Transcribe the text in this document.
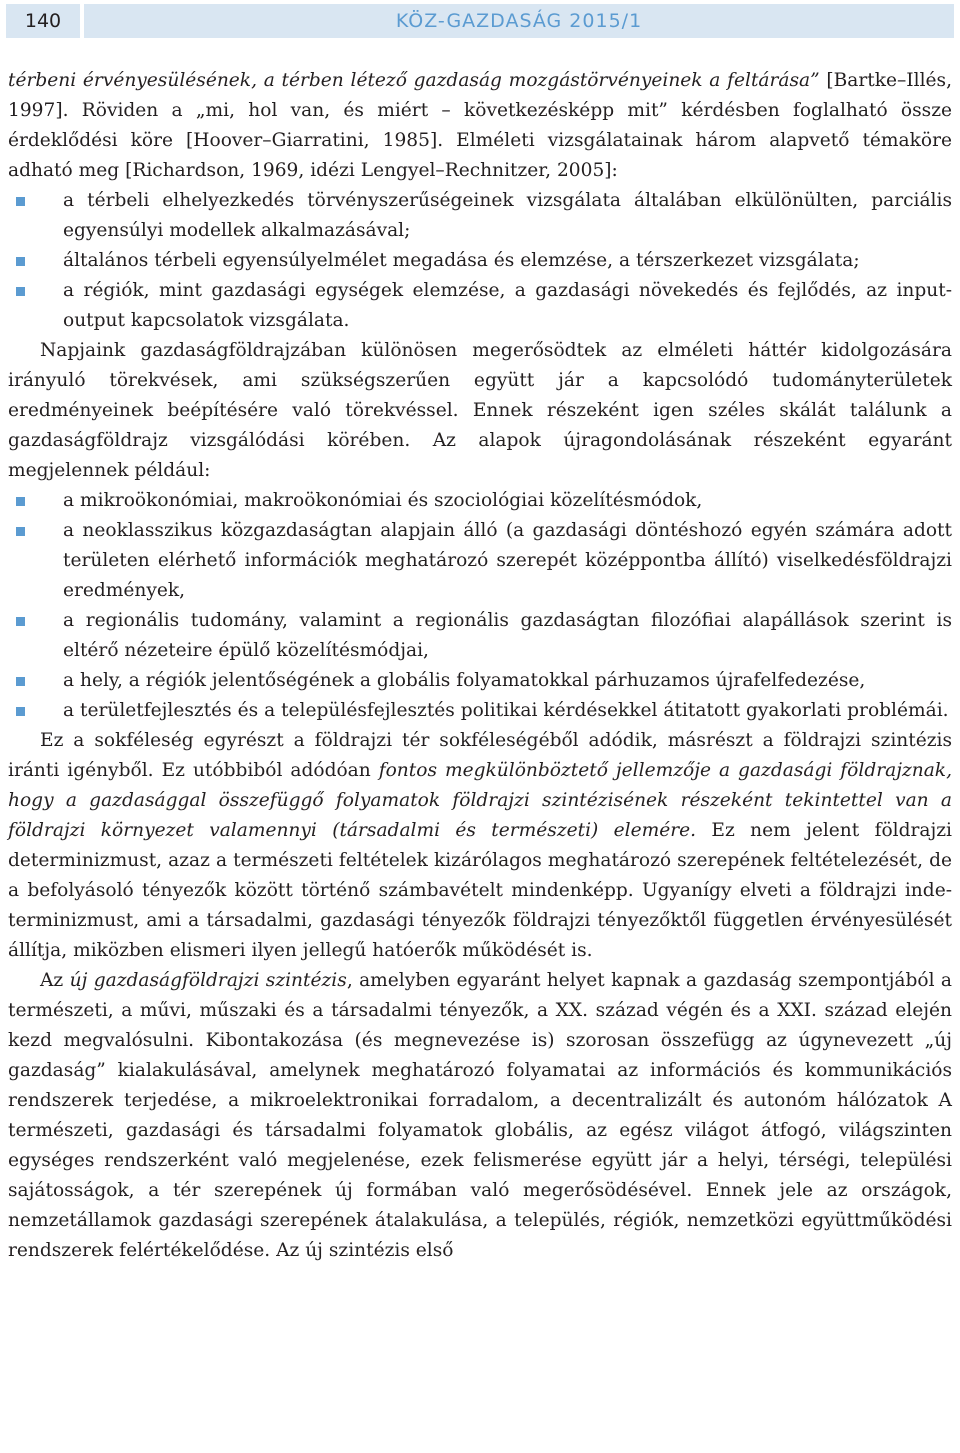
140	KÖZ-GAZDASÁG 2015/1

térbeni érvényesülésének, a térben létező gazdaság mozgástörvényeinek a feltárása” [Bartke–Illés, 1997]. Röviden a „mi, hol van, és miért – következésképp mit” kérdésben foglalható össze érdeklődési köre [Hoover–Giarratini, 1985]. Elméleti vizsgálatainak három alapvető témaköre adható meg [Richardson, 1969, idézi Lengyel–Rechnitzer, 2005]:

a térbeli elhelyezkedés törvényszerűségeinek vizsgálata általában elkülönülten, parciális egyensúlyi modellek alkalmazásával;
általános térbeli egyensúlyelmélet megadása és elemzése, a térszerkezet vizsgálata;
a régiók, mint gazdasági egységek elemzése, a gazdasági növekedés és fejlődés, az input-output kapcsolatok vizsgálata.

Napjaink gazdaságföldrajzában különösen megerősödtek az elméleti háttér kidolgozására irányuló törekvések, ami szükségszerűen együtt jár a kapcsolódó tudományterületek eredményeinek beépítésére való törekvéssel. Ennek részeként igen széles skálát találunk a gazdaságföldrajz vizsgálódási körében. Az alapok újragondolásának részeként egyaránt megjelennek például:

a mikroökonómiai, makroökonómiai és szociológiai közelítésmódok,
a neoklasszikus közgazdaságtan alapjain álló (a gazdasági döntéshozó egyén számára adott területen elérhető információk meghatározó szerepét középpontba állító) viselkedésföldrajzi eredmények,
a regionális tudomány, valamint a regionális gazdaságtan filozófiai alapállások szerint is eltérő nézeteire épülő közelítésmódjai,
a hely, a régiók jelentőségének a globális folyamatokkal párhuzamos újrafelfedezése,
a területfejlesztés és a településfejlesztés politikai kérdésekkel átitatott gyakorlati problémái.

Ez a sokféleség egyrészt a földrajzi tér sokféleségéből adódik, másrészt a földrajzi szintézis iránti igényből. Ez utóbbiból adódóan fontos megkülönböztető jellemzője a gazdasági földrajznak, hogy a gazdasággal összefüggő folyamatok földrajzi szintézisének részeként tekintettel van a földrajzi környezet valamennyi (társadalmi és természeti) elemére. Ez nem jelent földrajzi determinizmust, azaz a természeti feltételek kizárólagos meghatározó szerepének feltételezését, de a befolyásoló tényezők között történő számbavételt mindenképp. Ugyanígy elveti a földrajzi indeterminizmust, ami a társadalmi, gazdasági tényezők földrajzi tényezőktől független érvényesülését állítja, miközben elismeri ilyen jellegű hatóerők működését is.

Az új gazdaságföldrajzi szintézis, amelyben egyaránt helyet kapnak a gazdaság szempontjából a természeti, a művi, műszaki és a társadalmi tényezők, a XX. század végén és a XXI. század elején kezd megvalósulni. Kibontakozása (és megnevezése is) szorosan összefügg az úgynevezett „új gazdaság” kialakulásával, amelynek meghatározó folyamatai az információs és kommunikációs rendszerek terjedése, a mikroelektronikai forradalom, a decentralizált és autonóm hálózatok A természeti, gazdasági és társadalmi folyamatok globális, az egész világot átfogó, világszinten egységes rendszerként való megjelenése, ezek felismerése együtt jár a helyi, térségi, települési sajátosságok, a tér szerepének új formában való megerősödésével. Ennek jele az országok, nemzetállamok gazdasági szerepének átalakulása, a település, régiók, nemzetközi együttműködési rendszerek felértékelődése. Az új szintézis első
